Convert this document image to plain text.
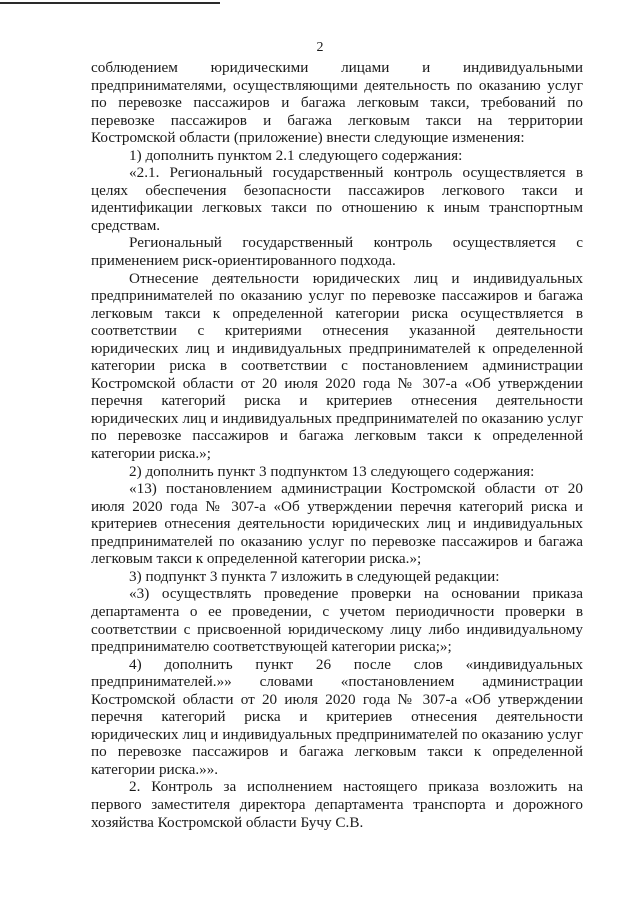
2

соблюдением юридическими лицами и индивидуальными предпринимателями, осуществляющими деятельность по оказанию услуг по перевозке пассажиров и багажа легковым такси, требований по перевозке пассажиров и багажа легковым такси на территории Костромской области (приложение) внести следующие изменения:

1) дополнить пунктом 2.1 следующего содержания:

«2.1. Региональный государственный контроль осуществляется в целях обеспечения безопасности пассажиров легкового такси и идентификации легковых такси по отношению к иным транспортным средствам.

Региональный государственный контроль осуществляется с применением риск-ориентированного подхода.

Отнесение деятельности юридических лиц и индивидуальных предпринимателей по оказанию услуг по перевозке пассажиров и багажа легковым такси к определенной категории риска осуществляется в соответствии с критериями отнесения указанной деятельности юридических лиц и индивидуальных предпринимателей к определенной категории риска в соответствии с постановлением администрации Костромской области от 20 июля 2020 года № 307-а «Об утверждении перечня категорий риска и критериев отнесения деятельности юридических лиц и индивидуальных предпринимателей по оказанию услуг по перевозке пассажиров и багажа легковым такси к определенной категории риска.»;

2) дополнить пункт 3 подпунктом 13 следующего содержания:

«13) постановлением администрации Костромской области от 20 июля 2020 года № 307-а «Об утверждении перечня категорий риска и критериев отнесения деятельности юридических лиц и индивидуальных предпринимателей по оказанию услуг по перевозке пассажиров и багажа легковым такси к определенной категории риска.»;

3) подпункт 3 пункта 7 изложить в следующей редакции:

«3) осуществлять проведение проверки на основании приказа департамента о ее проведении, с учетом периодичности проверки в соответствии с присвоенной юридическому лицу либо индивидуальному предпринимателю соответствующей категории риска;»;

4) дополнить пункт 26 после слов «индивидуальных предпринимателей.»» словами «постановлением администрации Костромской области от 20 июля 2020 года № 307-а «Об утверждении перечня категорий риска и критериев отнесения деятельности юридических лиц и индивидуальных предпринимателей по оказанию услуг по перевозке пассажиров и багажа легковым такси к определенной категории риска.»».

2. Контроль за исполнением настоящего приказа возложить на первого заместителя директора департамента транспорта и дорожного хозяйства Костромской области Бучу С.В.
